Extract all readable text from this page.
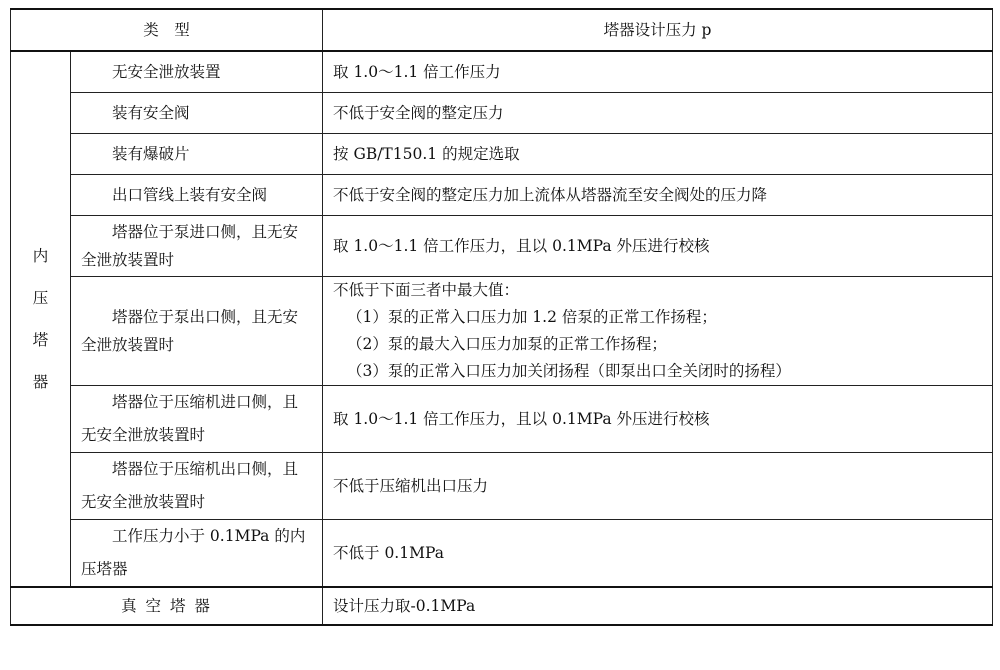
类　型		塔器设计压力 p

内
压
塔
器	无安全泄放装置	取 1.0～1.1 倍工作压力
	装有安全阀	不低于安全阀的整定压力
	装有爆破片	按 GB/T150.1 的规定选取
	出口管线上装有安全阀	不低于安全阀的整定压力加上流体从塔器流至安全阀处的压力降
	塔器位于泵进口侧，且无安全泄放装置时	取 1.0～1.1 倍工作压力，且以 0.1MPa 外压进行校核
	塔器位于泵出口侧，且无安全泄放装置时	不低于下面三者中最大值：
（1）泵的正常入口压力加 1.2 倍泵的正常工作扬程；
（2）泵的最大入口压力加泵的正常工作扬程；
（3）泵的正常入口压力加关闭扬程（即泵出口全关闭时的扬程）

	塔器位于压缩机进口侧，且无安全泄放装置时	取 1.0～1.1 倍工作压力，且以 0.1MPa 外压进行校核
	塔器位于压缩机出口侧，且无安全泄放装置时	不低于压缩机出口压力
	工作压力小于 0.1MPa 的内压塔器	不低于 0.1MPa
真 空 塔 器		设计压力取-0.1MPa
